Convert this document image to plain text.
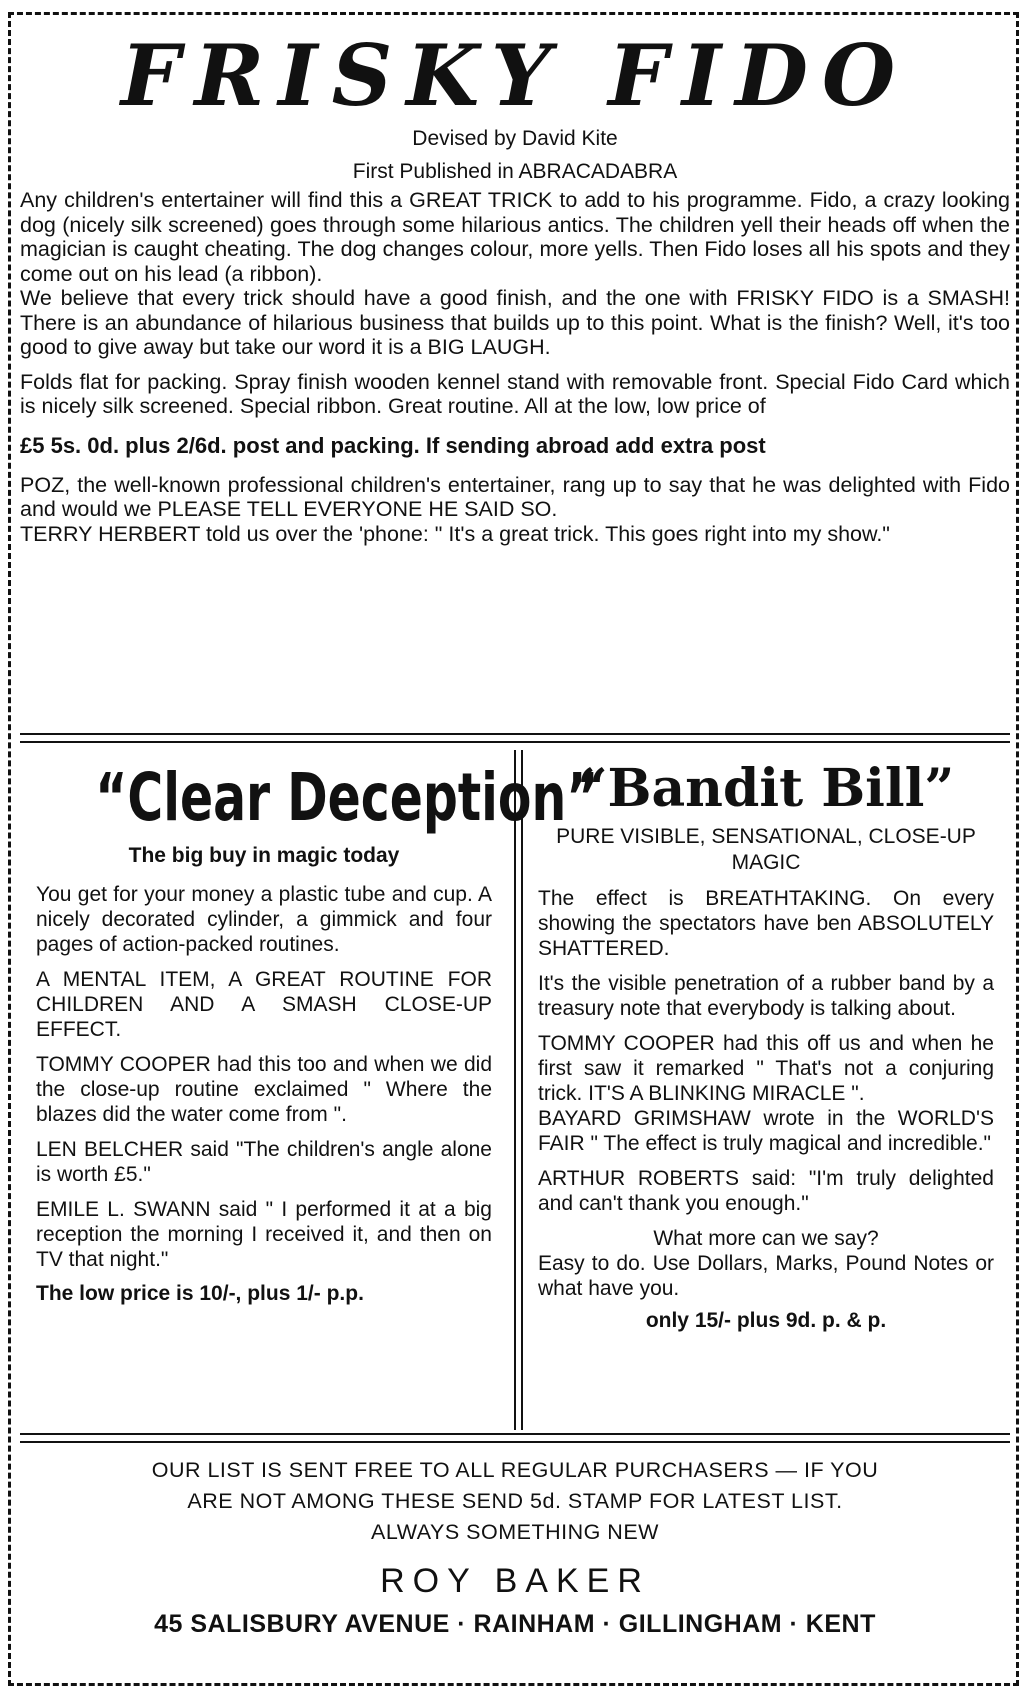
FRISKY FIDO

Devised by David Kite

First Published in ABRACADABRA

Any children's entertainer will find this a GREAT TRICK to add to his programme. Fido, a crazy looking dog (nicely silk screened) goes through some hilarious antics. The children yell their heads off when the magician is caught cheating. The dog changes colour, more yells. Then Fido loses all his spots and they come out on his lead (a ribbon).

We believe that every trick should have a good finish, and the one with FRISKY FIDO is a SMASH! There is an abundance of hilarious business that builds up to this point. What is the finish? Well, it's too good to give away but take our word it is a BIG LAUGH.

Folds flat for packing. Spray finish wooden kennel stand with removable front. Special Fido Card which is nicely silk screened. Special ribbon. Great routine. All at the low, low price of

£5 5s. 0d. plus 2/6d. post and packing. If sending abroad add extra post

POZ, the well-known professional children's entertainer, rang up to say that he was delighted with Fido and would we PLEASE TELL EVERYONE HE SAID SO.

TERRY HERBERT told us over the 'phone: " It's a great trick. This goes right into my show."

“Clear Deception”

The big buy in magic today

You get for your money a plastic tube and cup. A nicely decorated cylinder, a gimmick and four pages of action-packed routines.

A MENTAL ITEM, A GREAT ROUTINE FOR CHILDREN AND A SMASH CLOSE-UP EFFECT.

TOMMY COOPER had this too and when we did the close-up routine exclaimed " Where the blazes did the water come from ".

LEN BELCHER said "The children's angle alone is worth £5."

EMILE L. SWANN said " I performed it at a big reception the morning I received it, and then on TV that night."

The low price is 10/-, plus 1/- p.p.

“Bandit Bill”

PURE VISIBLE, SENSATIONAL, CLOSE-UP MAGIC

The effect is BREATHTAKING. On every showing the spectators have ben ABSOLUTELY SHATTERED.

It's the visible penetration of a rubber band by a treasury note that everybody is talking about.

TOMMY COOPER had this off us and when he first saw it remarked " That's not a conjuring trick. IT'S A BLINKING MIRACLE ".

BAYARD GRIMSHAW wrote in the WORLD'S FAIR " The effect is truly magical and incredible."

ARTHUR ROBERTS said: "I'm truly delighted and can't thank you enough."

What more can we say?

Easy to do. Use Dollars, Marks, Pound Notes or what have you.

only 15/- plus 9d. p. & p.

OUR LIST IS SENT FREE TO ALL REGULAR PURCHASERS — IF YOU

ARE NOT AMONG THESE SEND 5d. STAMP FOR LATEST LIST.

ALWAYS SOMETHING NEW

ROY BAKER

45 SALISBURY AVENUE · RAINHAM · GILLINGHAM · KENT
